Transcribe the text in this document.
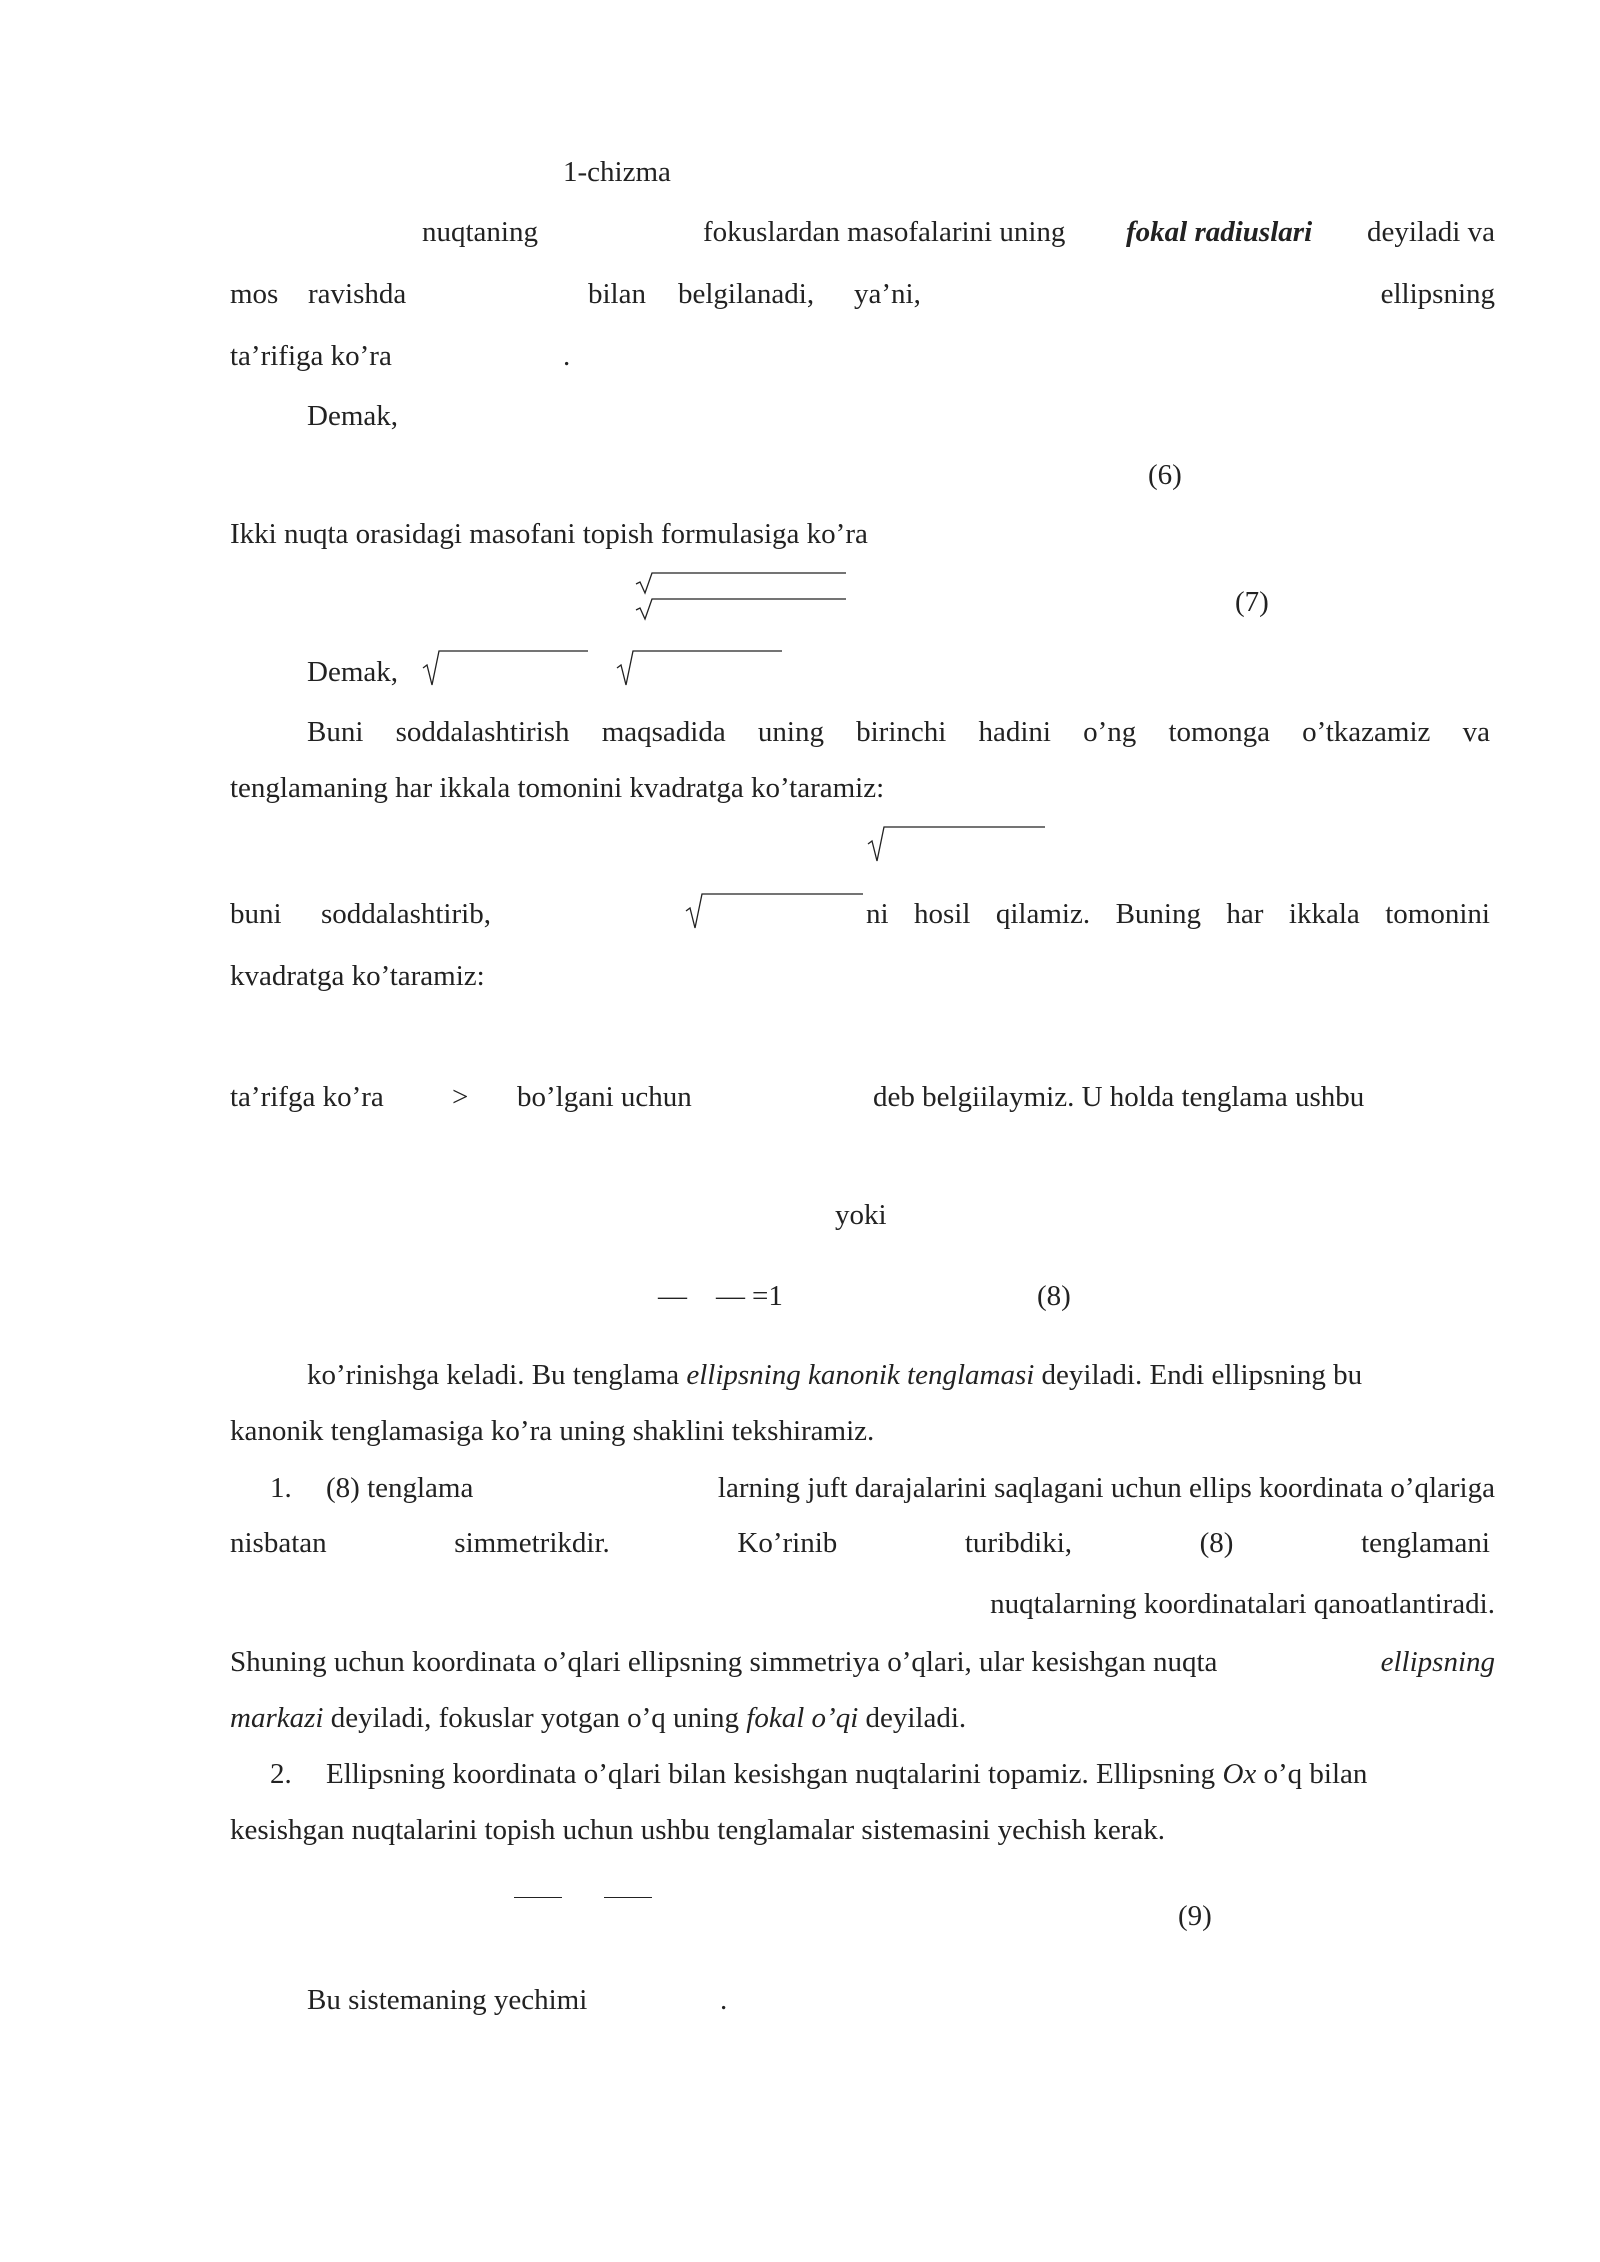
1-chizma
nuqtaning	fokuslardan masofalarini uning fokal radiuslari deyiladi va
mos ravishda	bilan belgilanadi, ya’ni,	ellipsning
ta’rifiga ko’ra	.
Demak,
(6)
Ikki nuqta orasidagi masofani topish formulasiga ko’ra
(7)
Demak,
Buni soddalashtirish maqsadida uning birinchi hadini o’ng tomonga o’tkazamiz va
tenglamaning har ikkala tomonini kvadratga ko’taramiz:
buni soddalashtirib,	ni hosil qilamiz. Buning har ikkala tomonini
kvadratga ko’taramiz:
ta’rifga ko’ra > bo’lgani uchun	deb belgiilaymiz. U holda tenglama ushbu
yoki
— — =1	(8)
ko’rinishga keladi. Bu tenglama ellipsning kanonik tenglamasi deyiladi. Endi ellipsning bu
kanonik tenglamasiga ko’ra uning shaklini tekshiramiz.
1. (8) tenglama	larning juft darajalarini saqlagani uchun ellips koordinata o’qlariga
nisbatan	simmetrikdir.	Ko’rinib	turibdiki,	(8)	tenglamani
nuqtalarning koordinatalari qanoatlantiradi.
Shuning uchun koordinata o’qlari ellipsning simmetriya o’qlari, ular kesishgan nuqta	ellipsning
markazi deyiladi, fokuslar yotgan o’q uning fokal o’qi deyiladi.
2. Ellipsning koordinata o’qlari bilan kesishgan nuqtalarini topamiz. Ellipsning Ox o’q bilan
kesishgan nuqtalarini topish uchun ushbu tenglamalar sistemasini yechish kerak.
(9)
Bu sistemaning yechimi	.
